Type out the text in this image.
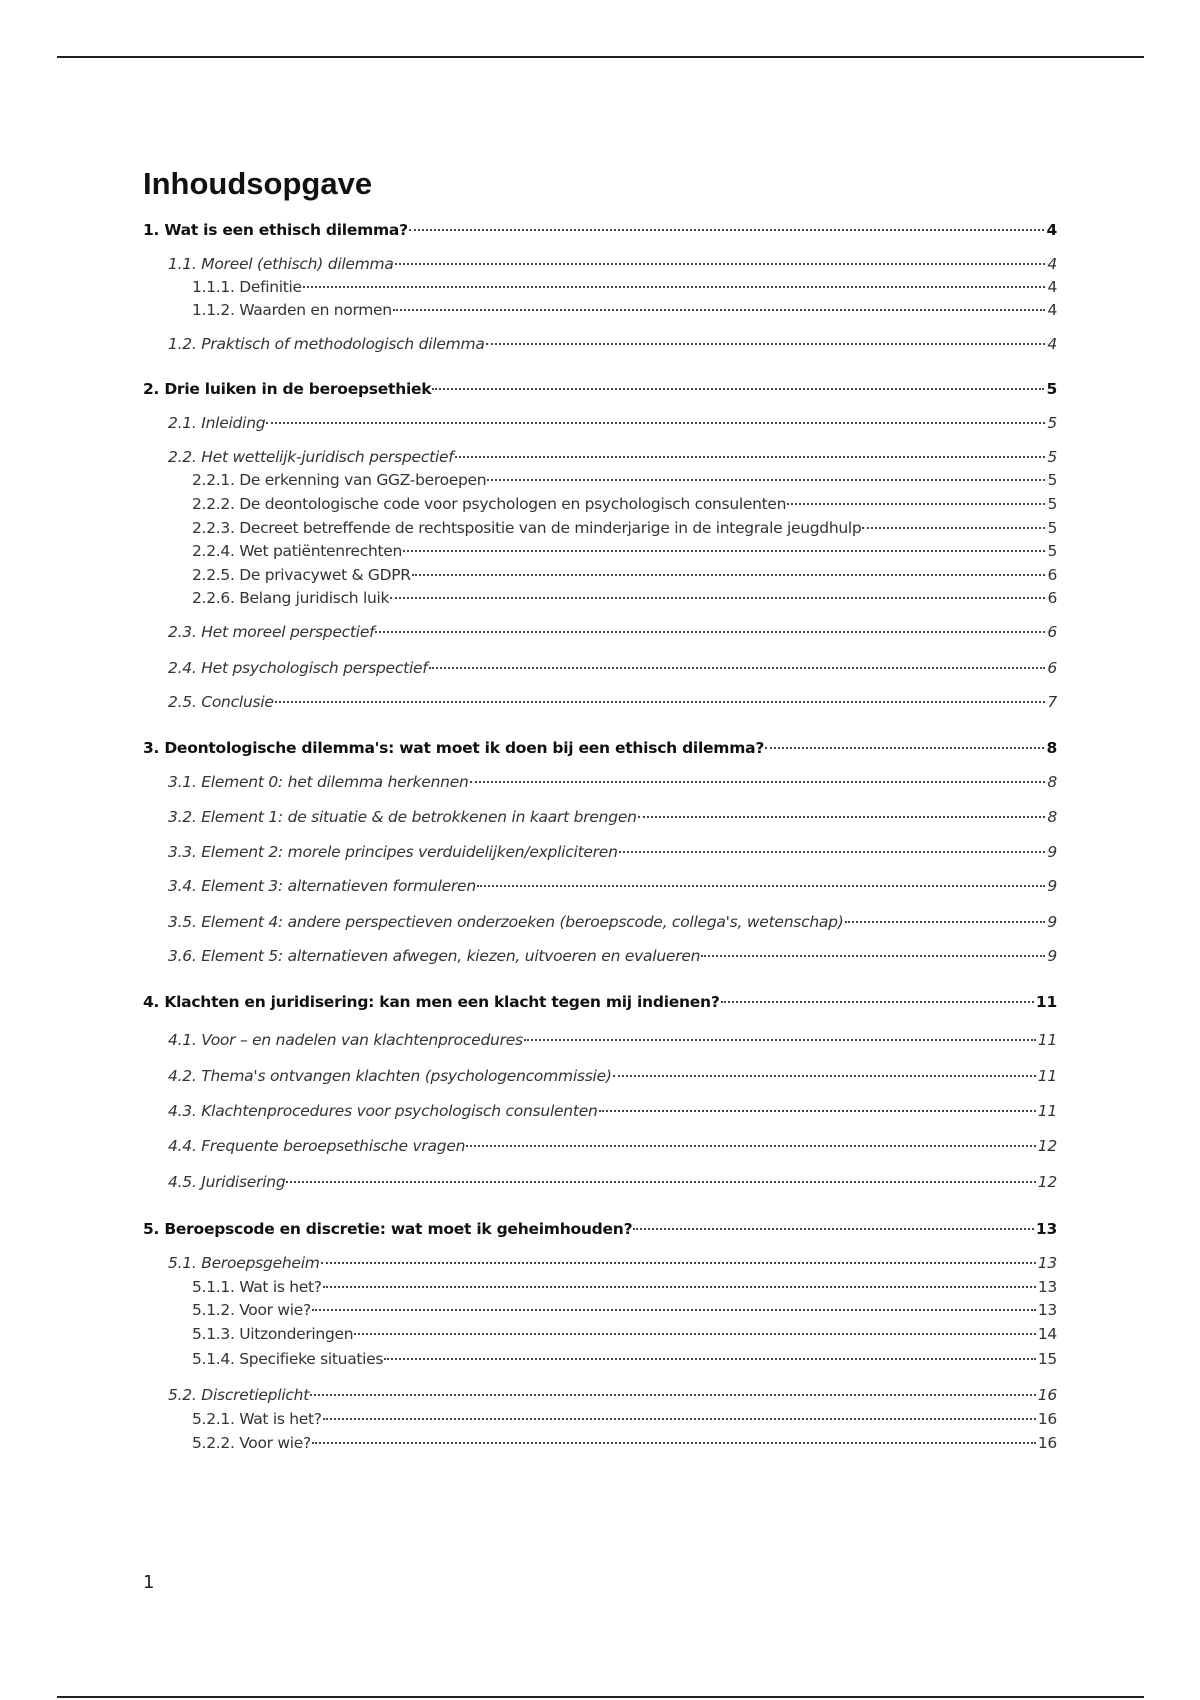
Inhoudsopgave
1. Wat is een ethisch dilemma?	4
1.1. Moreel (ethisch) dilemma	4
1.1.1. Definitie	4
1.1.2. Waarden en normen	4
1.2. Praktisch of methodologisch dilemma	4
2. Drie luiken in de beroepsethiek	5
2.1. Inleiding	5
2.2. Het wettelijk-juridisch perspectief	5
2.2.1. De erkenning van GGZ-beroepen	5
2.2.2. De deontologische code voor psychologen en psychologisch consulenten	5
2.2.3. Decreet betreffende de rechtspositie van de minderjarige in de integrale jeugdhulp	5
2.2.4. Wet patiëntenrechten	5
2.2.5. De privacywet & GDPR	6
2.2.6. Belang juridisch luik	6
2.3. Het moreel perspectief	6
2.4. Het psychologisch perspectief	6
2.5. Conclusie	7
3. Deontologische dilemma's: wat moet ik doen bij een ethisch dilemma?	8
3.1. Element 0: het dilemma herkennen	8
3.2. Element 1: de situatie & de betrokkenen in kaart brengen	8
3.3. Element 2: morele principes verduidelijken/expliciteren	9
3.4. Element 3: alternatieven formuleren	9
3.5. Element 4: andere perspectieven onderzoeken (beroepscode, collega's, wetenschap)	9
3.6. Element 5: alternatieven afwegen, kiezen, uitvoeren en evalueren	9
4. Klachten en juridisering: kan men een klacht tegen mij indienen?	11
4.1. Voor – en nadelen van klachtenprocedures	11
4.2. Thema's ontvangen klachten (psychologencommissie)	11
4.3. Klachtenprocedures voor psychologisch consulenten	11
4.4. Frequente beroepsethische vragen	12
4.5. Juridisering	12
5. Beroepscode en discretie: wat moet ik geheimhouden?	13
5.1. Beroepsgeheim	13
5.1.1. Wat is het?	13
5.1.2. Voor wie?	13
5.1.3. Uitzonderingen	14
5.1.4. Specifieke situaties	15
5.2. Discretieplicht	16
5.2.1. Wat is het?	16
5.2.2. Voor wie?	16
1
